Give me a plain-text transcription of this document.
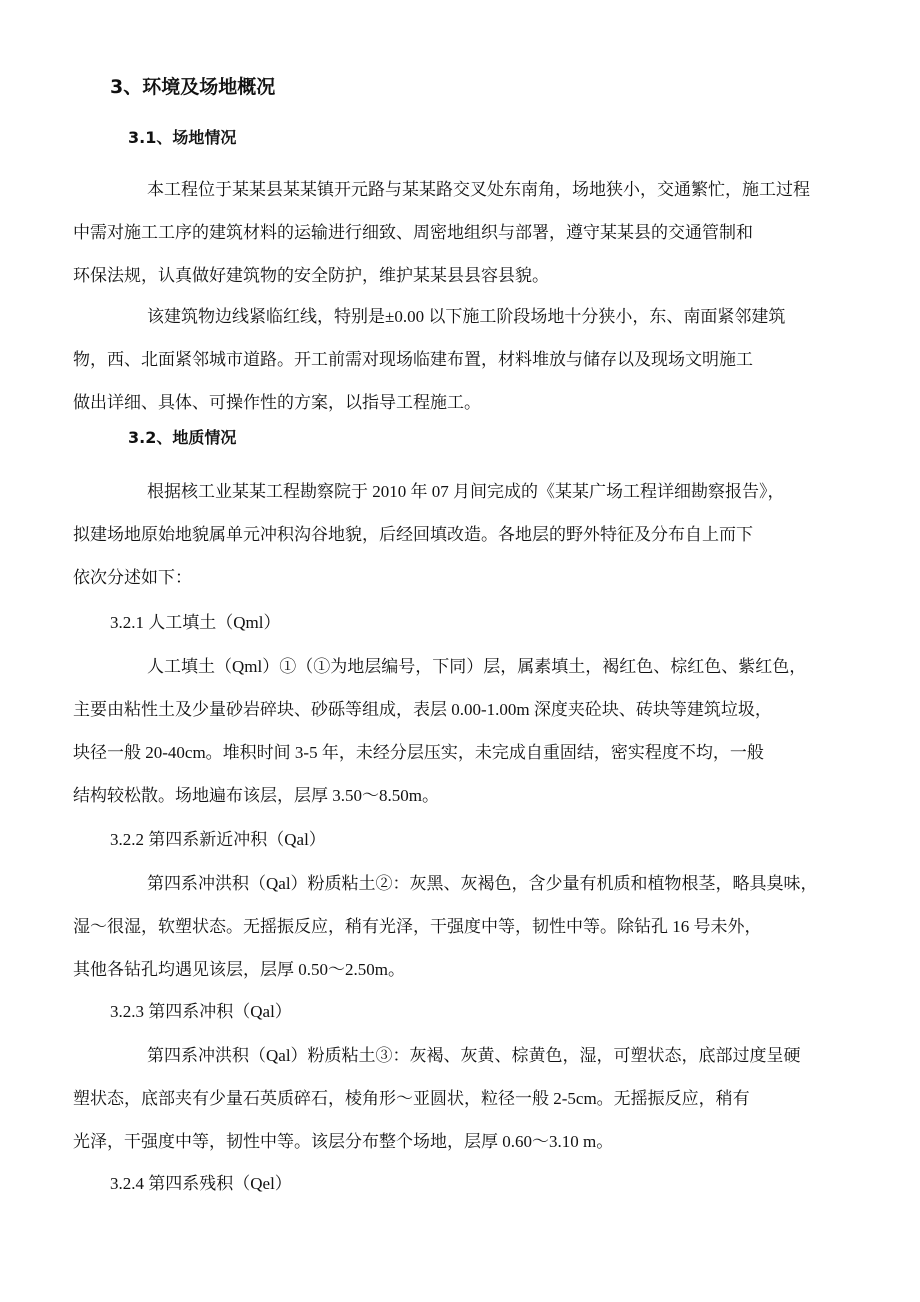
3、环境及场地概况
3.1、场地情况

本工程位于某某县某某镇开元路与某某路交叉处东南角，场地狭小，交通繁忙，施工过程
中需对施工工序的建筑材料的运输进行细致、周密地组织与部署，遵守某某县的交通管制和
环保法规，认真做好建筑物的安全防护，维护某某县县容县貌。

该建筑物边线紧临红线，特别是±0.00 以下施工阶段场地十分狭小，东、南面紧邻建筑
物，西、北面紧邻城市道路。开工前需对现场临建布置，材料堆放与储存以及现场文明施工
做出详细、具体、可操作性的方案，以指导工程施工。

3.2、地质情况

根据核工业某某工程勘察院于 2010 年 07 月间完成的《某某广场工程详细勘察报告》，
拟建场地原始地貌属单元冲积沟谷地貌，后经回填改造。各地层的野外特征及分布自上而下
依次分述如下：

3.2.1 人工填土（Qml）

人工填土（Qml）①（①为地层编号，下同）层，属素填土，褐红色、棕红色、紫红色，
主要由粘性土及少量砂岩碎块、砂砾等组成，表层 0.00-1.00m 深度夹砼块、砖块等建筑垃圾，
块径一般 20-40cm。堆积时间 3-5 年，未经分层压实，未完成自重固结，密实程度不均，一般
结构较松散。场地遍布该层，层厚 3.50～8.50m。

3.2.2 第四系新近冲积（Qal）

第四系冲洪积（Qal）粉质粘土②：灰黑、灰褐色，含少量有机质和植物根茎，略具臭味，
湿～很湿，软塑状态。无摇振反应，稍有光泽，干强度中等，韧性中等。除钻孔 16 号未外，
其他各钻孔均遇见该层，层厚 0.50～2.50m。

3.2.3 第四系冲积（Qal）

第四系冲洪积（Qal）粉质粘土③：灰褐、灰黄、棕黄色，湿，可塑状态，底部过度呈硬
塑状态，底部夹有少量石英质碎石，棱角形～亚圆状，粒径一般 2-5cm。无摇振反应，稍有
光泽，干强度中等，韧性中等。该层分布整个场地，层厚 0.60～3.10 m。

3.2.4 第四系残积（Qel）
